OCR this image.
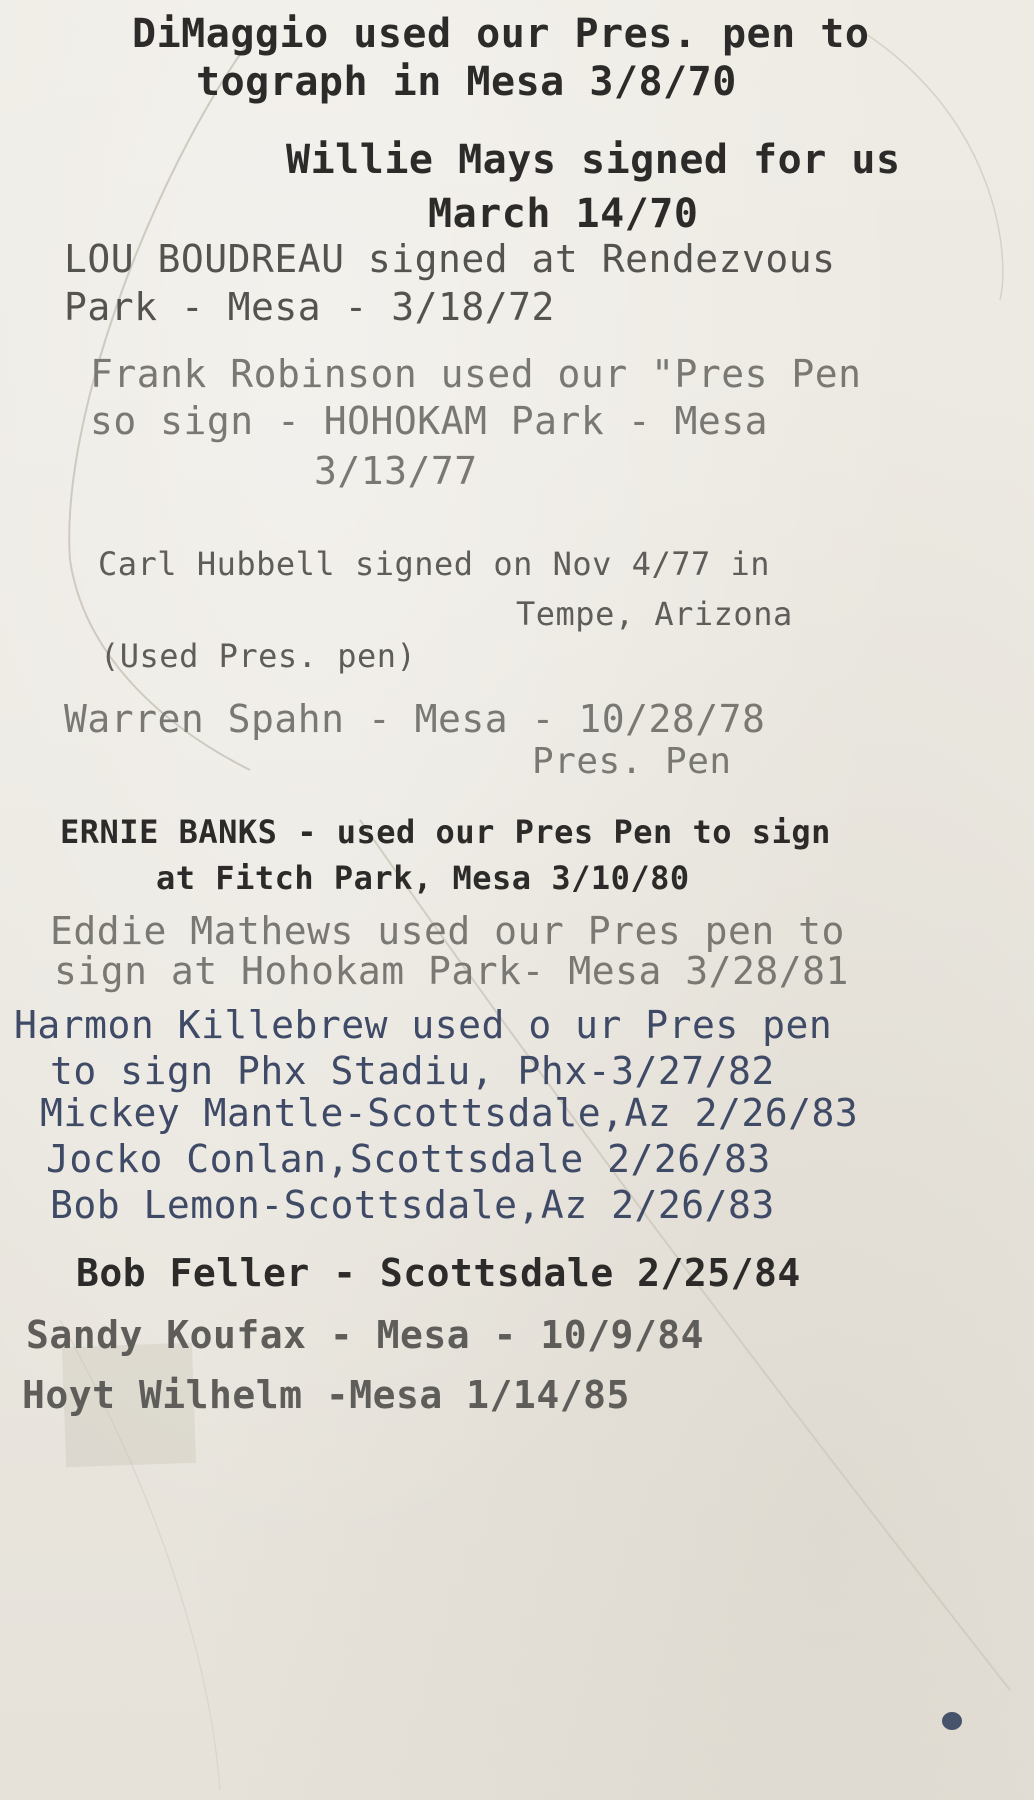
DiMaggio used our Pres. pen to

tograph in Mesa 3/8/70

Willie Mays signed for us

March 14/70

LOU BOUDREAU signed at Rendezvous

Park - Mesa - 3/18/72

Frank Robinson used our "Pres Pen

so sign - HOHOKAM Park - Mesa

3/13/77

Carl Hubbell signed on Nov 4/77 in

Tempe, Arizona

(Used Pres. pen)

Warren Spahn - Mesa - 10/28/78

Pres. Pen

ERNIE BANKS - used our Pres Pen to sign

at Fitch Park, Mesa 3/10/80

Eddie Mathews used our Pres pen to

sign at Hohokam Park- Mesa 3/28/81

Harmon Killebrew used o ur Pres pen

to sign Phx Stadiu, Phx-3/27/82

Mickey Mantle-Scottsdale,Az 2/26/83

Jocko Conlan,Scottsdale 2/26/83

Bob Lemon-Scottsdale,Az 2/26/83

Bob Feller - Scottsdale 2/25/84

Sandy Koufax - Mesa - 10/9/84

Hoyt Wilhelm -Mesa 1/14/85
